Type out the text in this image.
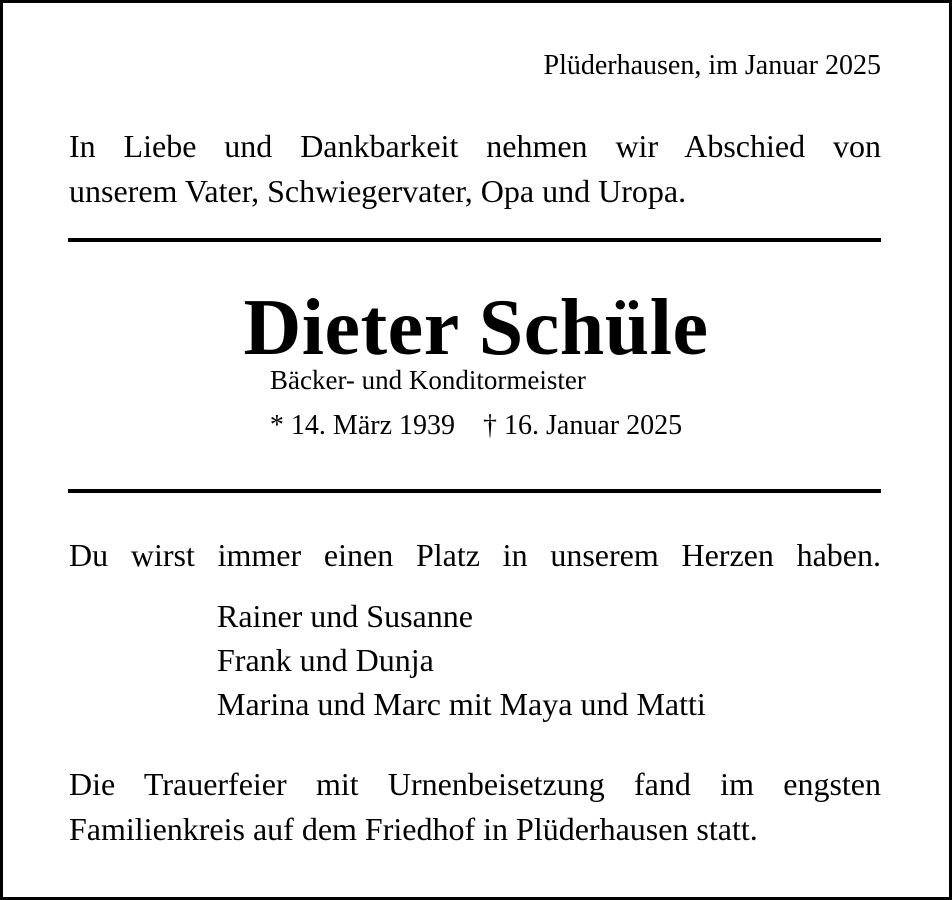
Plüderhausen, im Januar 2025
In Liebe und Dankbarkeit nehmen wir Abschied von
unserem Vater, Schwiegervater, Opa und Uropa.
Dieter Schüle
Bäcker- und Konditormeister
* 14. März 1939 † 16. Januar 2025
Du wirst immer einen Platz in unserem Herzen haben.
Rainer und Susanne
Frank und Dunja
Marina und Marc mit Maya und Matti
Die Trauerfeier mit Urnenbeisetzung fand im engsten
Familienkreis auf dem Friedhof in Plüderhausen statt.
